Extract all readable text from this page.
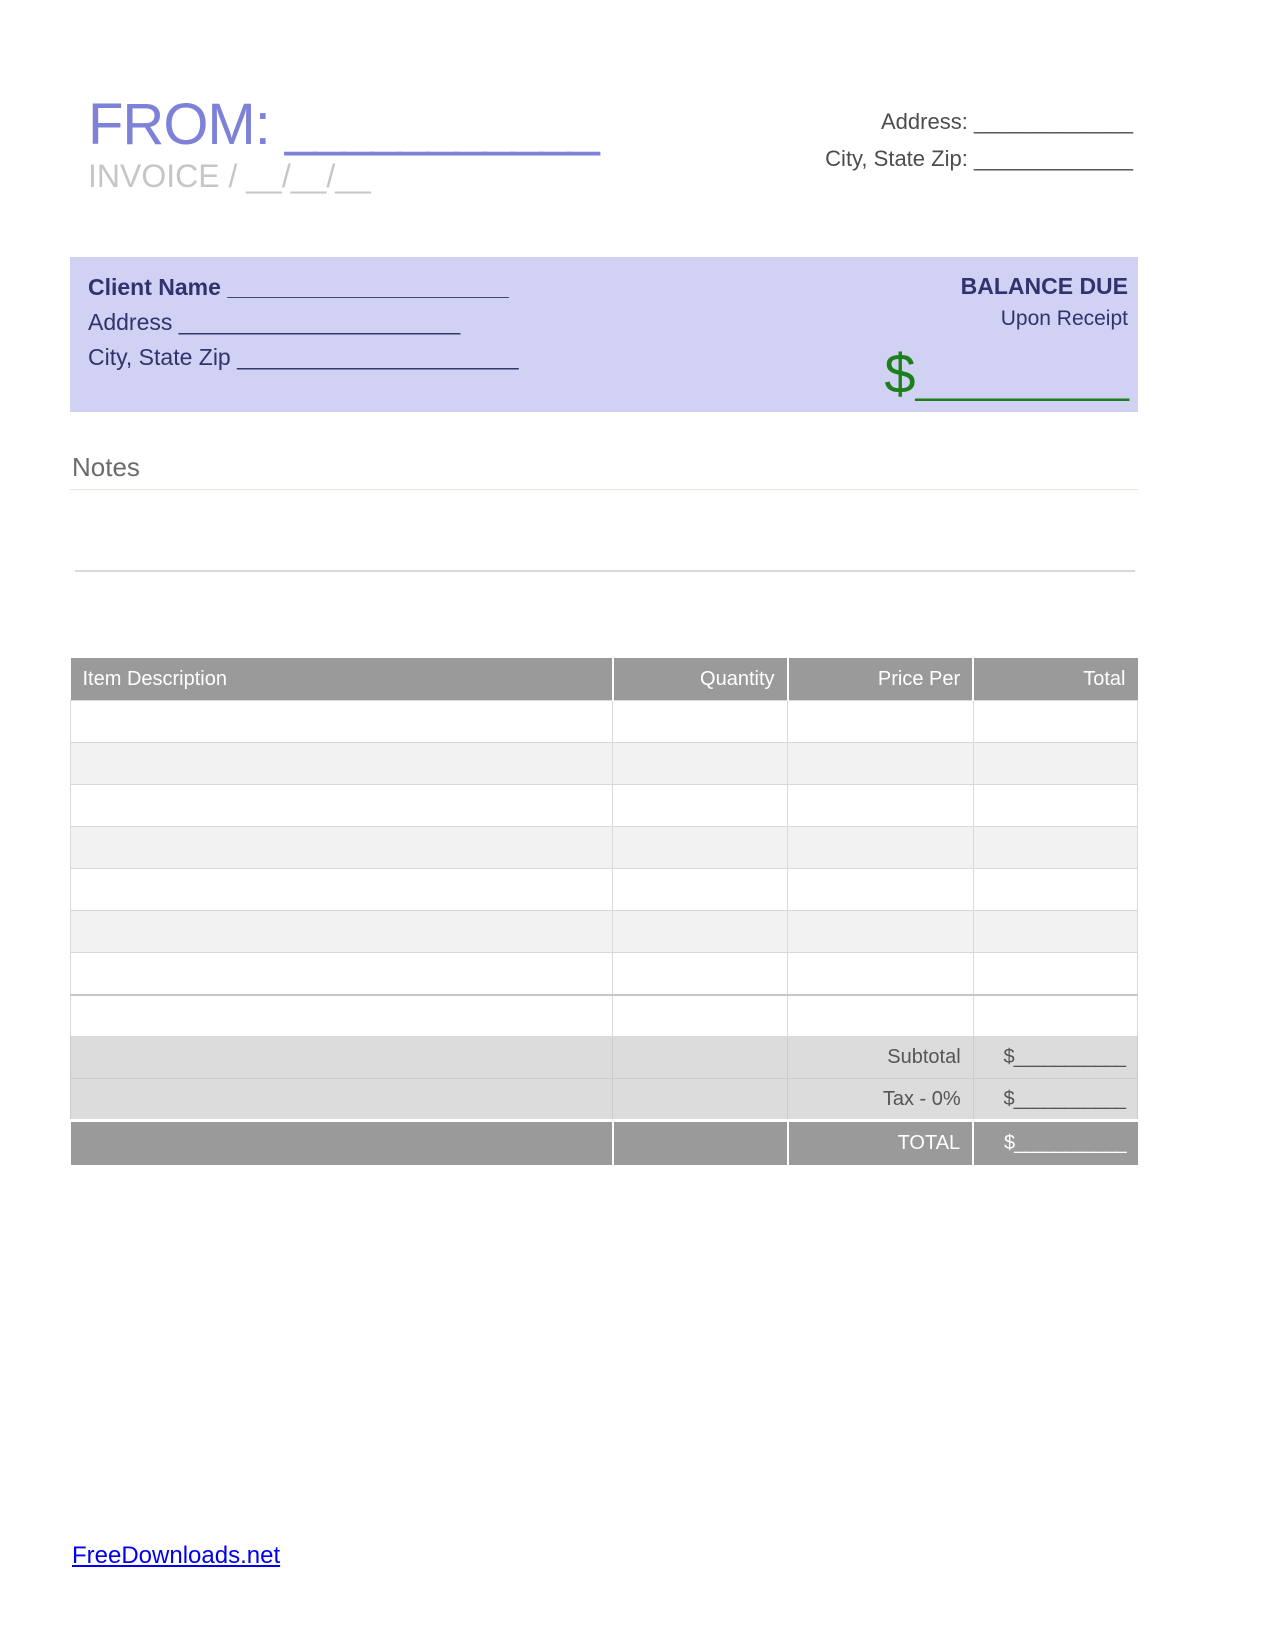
FROM: ___________
INVOICE / __/__/__
Address: _____________
City, State Zip: _____________
Client Name ______________________
Address ______________________
City, State Zip ______________________
BALANCE DUE
Upon Receipt
$__________
Notes
Item Description	Quantity	Price Per	Total

		Subtotal	$___________
		Tax - 0%	$___________
		TOTAL	$___________
FreeDownloads.net
